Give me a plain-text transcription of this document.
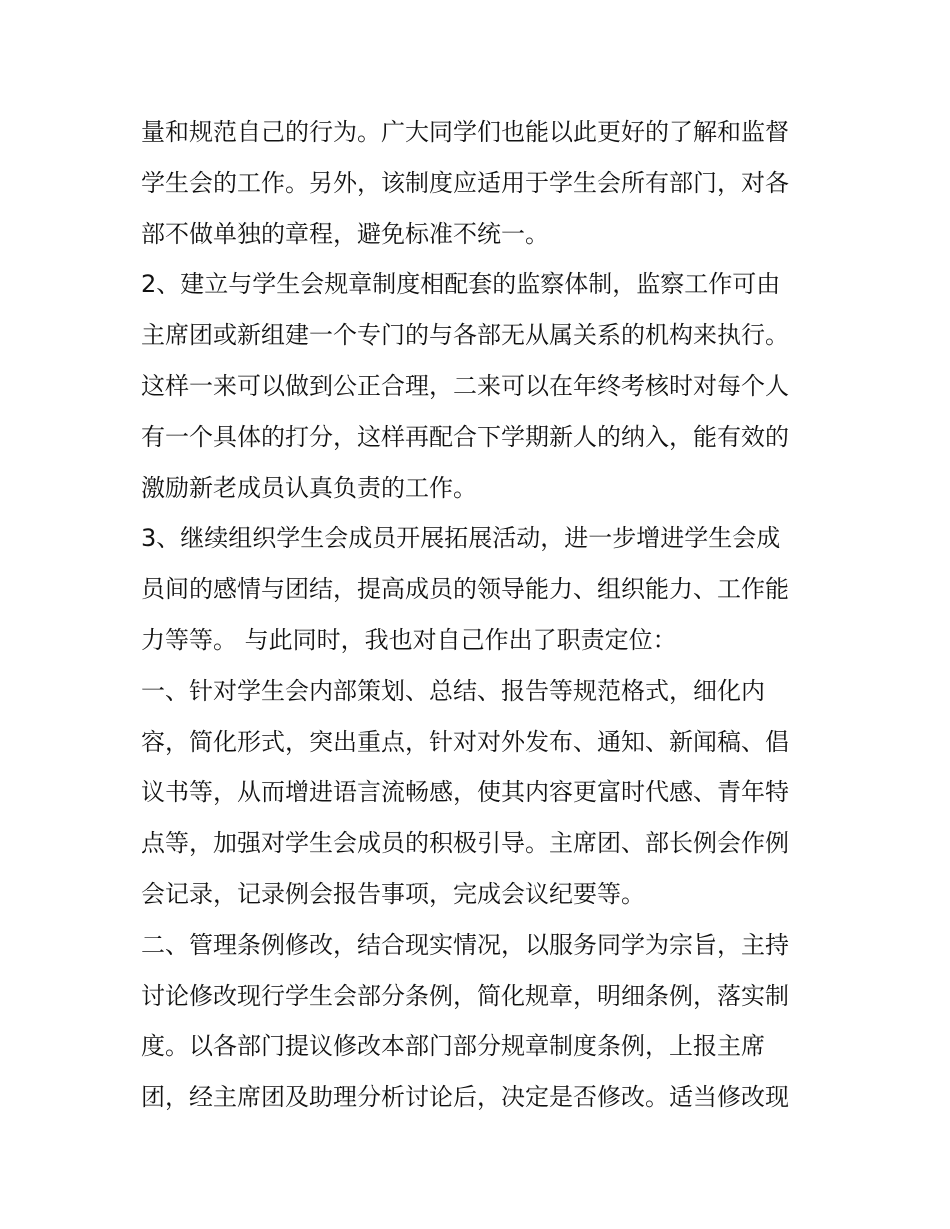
量和规范自己的行为。广大同学们也能以此更好的了解和监督
学生会的工作。另外，该制度应适用于学生会所有部门，对各
部不做单独的章程，避免标准不统一。
2、建立与学生会规章制度相配套的监察体制，监察工作可由
主席团或新组建一个专门的与各部无从属关系的机构来执行。
这样一来可以做到公正合理，二来可以在年终考核时对每个人
有一个具体的打分，这样再配合下学期新人的纳入，能有效的
激励新老成员认真负责的工作。
3、继续组织学生会成员开展拓展活动，进一步增进学生会成
员间的感情与团结，提高成员的领导能力、组织能力、工作能
力等等。 与此同时，我也对自己作出了职责定位：
一、针对学生会内部策划、总结、报告等规范格式，细化内
容，简化形式，突出重点，针对对外发布、通知、新闻稿、倡
议书等，从而增进语言流畅感，使其内容更富时代感、青年特
点等，加强对学生会成员的积极引导。主席团、部长例会作例
会记录，记录例会报告事项，完成会议纪要等。
二、管理条例修改，结合现实情况，以服务同学为宗旨，主持
讨论修改现行学生会部分条例，简化规章，明细条例，落实制
度。以各部门提议修改本部门部分规章制度条例，上报主席
团，经主席团及助理分析讨论后，决定是否修改。适当修改现
